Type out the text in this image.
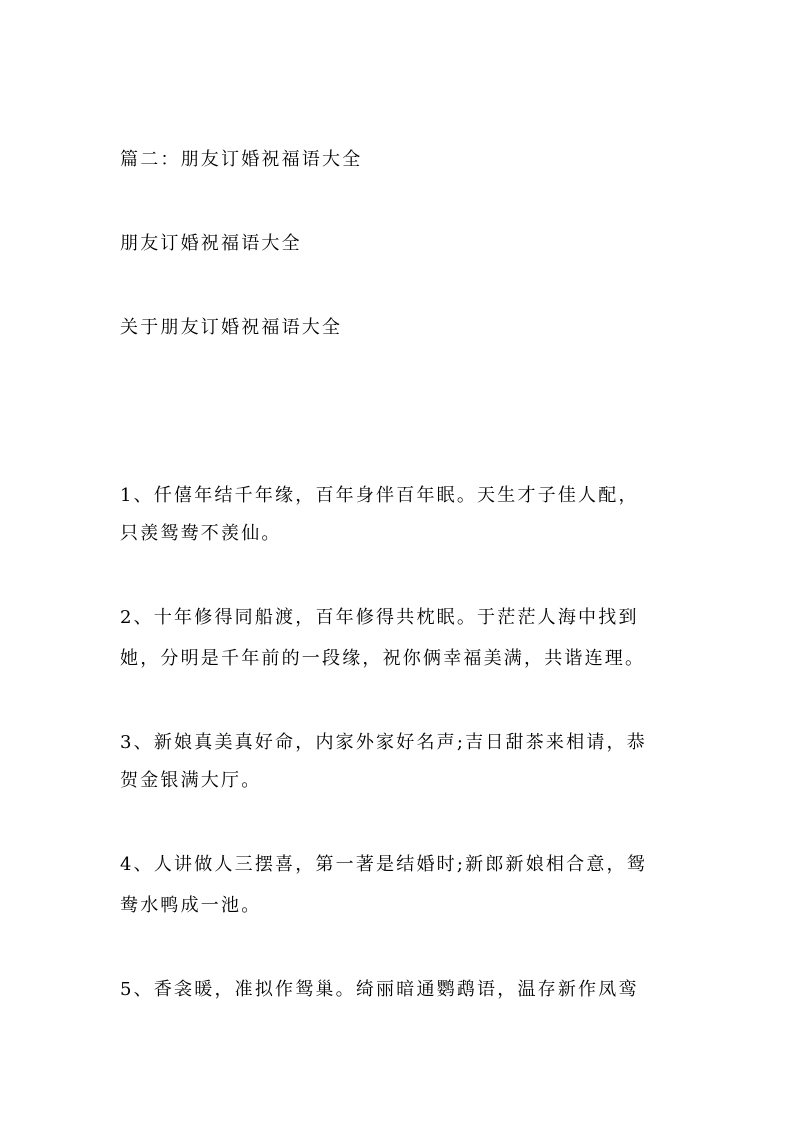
篇二：朋友订婚祝福语大全
朋友订婚祝福语大全
关于朋友订婚祝福语大全
1、仟僖年结千年缘，百年身伴百年眠。天生才子佳人配，
只羡鸳鸯不羡仙。
2、十年修得同船渡，百年修得共枕眠。于茫茫人海中找到
她，分明是千年前的一段缘，祝你俩幸福美满，共谐连理。
3、新娘真美真好命，内家外家好名声;吉日甜茶来相请，恭
贺金银满大厅。
4、人讲做人三摆喜，第一著是结婚时;新郎新娘相合意，鸳
鸯水鸭成一池。
5、香衾暖，准拟作鸳巢。绮丽暗通鹦鹉语，温存新作凤鸾
